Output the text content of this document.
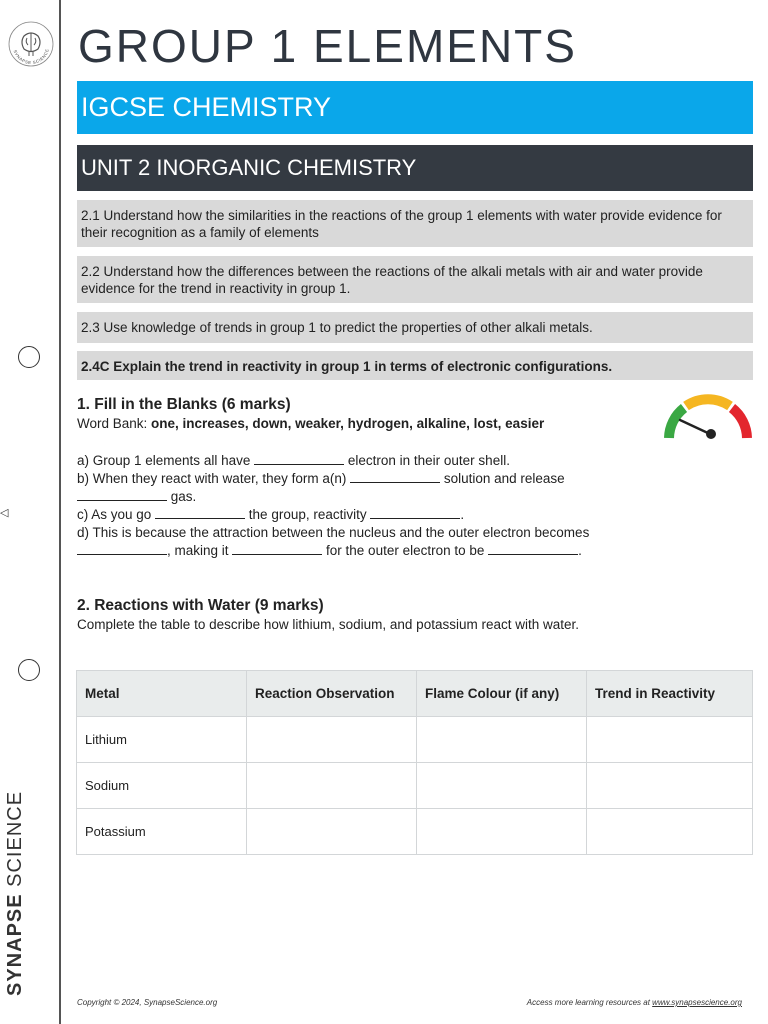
SYNAPSE SCIENCE
◁
SYNAPSE SCIENCE
GROUP 1 ELEMENTS
IGCSE CHEMISTRY
UNIT 2 INORGANIC CHEMISTRY
2.1 Understand how the similarities in the reactions of the group 1 elements with water provide evidence for their recognition as a family of elements
2.2 Understand how the differences between the reactions of the alkali metals with air and water provide evidence for the trend in reactivity in group 1.
2.3 Use knowledge of trends in group 1 to predict the properties of other alkali metals.
2.4C Explain the trend in reactivity in group 1 in terms of electronic configurations.
1. Fill in the Blanks (6 marks)
Word Bank: one, increases, down, weaker, hydrogen, alkaline, lost, easier
a) Group 1 elements all have	electron in their outer shell.
b) When they react with water, they form a(n)	solution and release
gas.
c) As you go	the group, reactivity	.
d) This is because the attraction between the nucleus and the outer electron becomes
, making it	for the outer electron to be	.
2. Reactions with Water (9 marks)
Complete the table to describe how lithium, sodium, and potassium react with water.
Metal	Reaction Observation	Flame Colour (if any)	Trend in Reactivity
Lithium			
Sodium			
Potassium			
Copyright © 2024, SynapseScience.org	Access more learning resources at www.synapsescience.org
